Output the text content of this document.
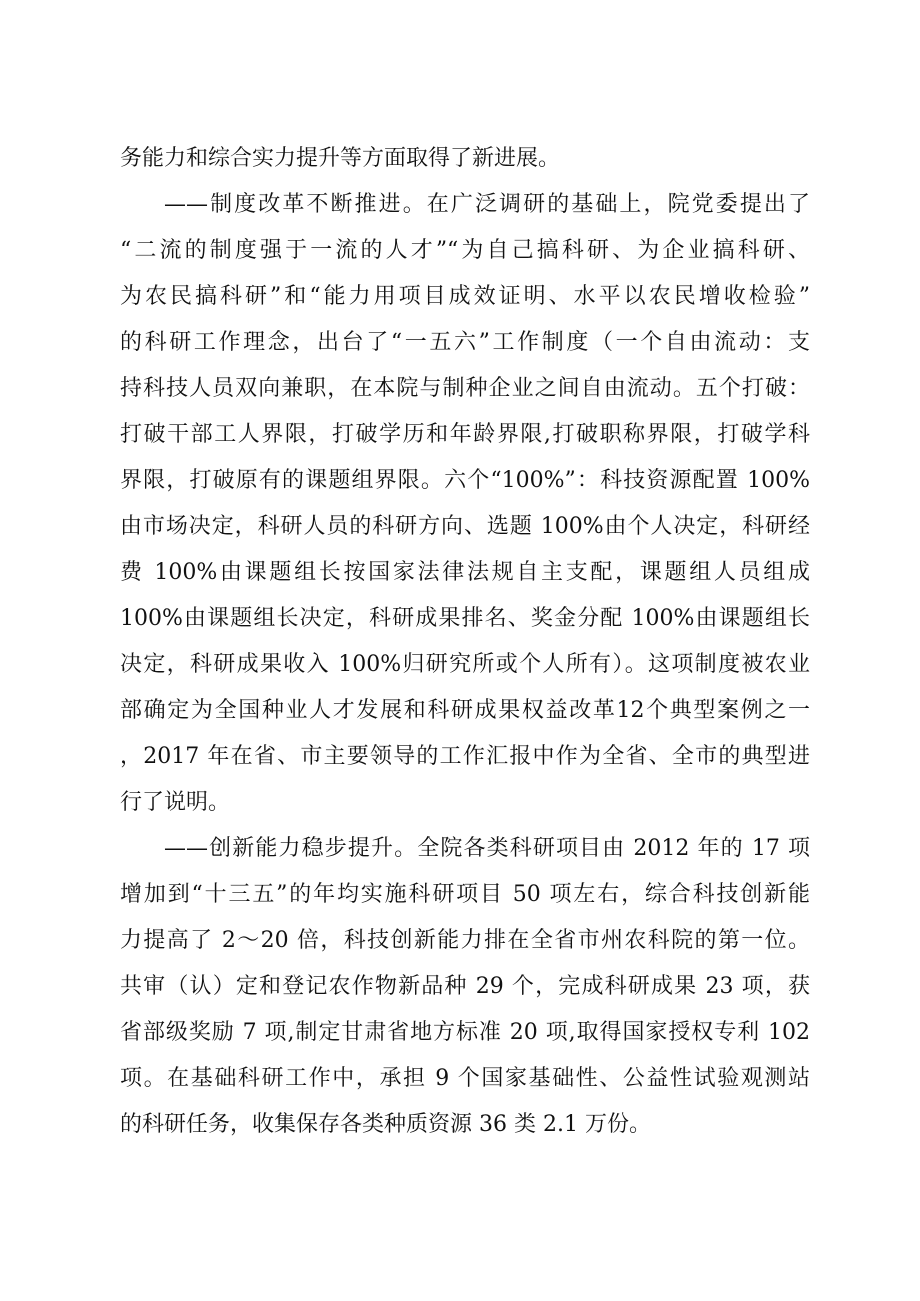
务能力和综合实力提升等方面取得了新进展。
——制度改革不断推进。在广泛调研的基础上，院党委提出了
“二流的制度强于一流的人才”“为自己搞科研、为企业搞科研、
为农民搞科研”和“能力用项目成效证明、水平以农民增收检验”
的科研工作理念，出台了“一五六”工作制度（一个自由流动：支
持科技人员双向兼职，在本院与制种企业之间自由流动。五个打破：
打破干部工人界限，打破学历和年龄界限,打破职称界限，打破学科
界限，打破原有的课题组界限。六个“100%”：科技资源配置 100%
由市场决定，科研人员的科研方向、选题 100%由个人决定，科研经
费 100%由课题组长按国家法律法规自主支配，课题组人员组成
100%由课题组长决定，科研成果排名、奖金分配 100%由课题组长
决定，科研成果收入 100%归研究所或个人所有）。这项制度被农业
部确定为全国种业人才发展和科研成果权益改革12个典型案例之一
，2017 年在省、市主要领导的工作汇报中作为全省、全市的典型进
行了说明。
——创新能力稳步提升。全院各类科研项目由 2012 年的 17 项
增加到“十三五”的年均实施科研项目 50 项左右，综合科技创新能
力提高了 2～20 倍，科技创新能力排在全省市州农科院的第一位。
共审（认）定和登记农作物新品种 29 个，完成科研成果 23 项，获
省部级奖励 7 项,制定甘肃省地方标准 20 项,取得国家授权专利 102
项。在基础科研工作中，承担 9 个国家基础性、公益性试验观测站
的科研任务，收集保存各类种质资源 36 类 2.1 万份。
